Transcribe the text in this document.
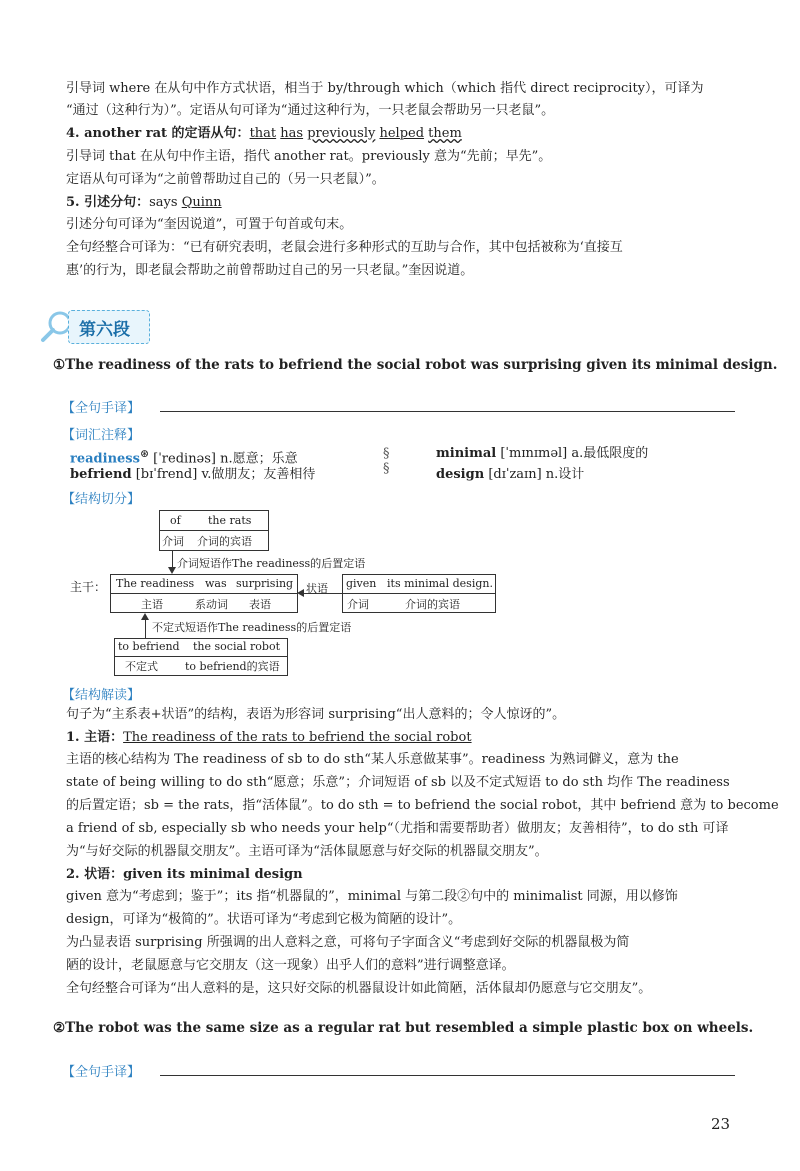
引导词 where 在从句中作方式状语，相当于 by/through which（which 指代 direct reciprocity），可译为
“通过（这种行为）”。定语从句可译为“通过这种行为，一只老鼠会帮助另一只老鼠”。
4. another rat 的定语从句：that has previously helped them
引导词 that 在从句中作主语，指代 another rat。previously 意为“先前；早先”。
定语从句可译为“之前曾帮助过自己的（另一只老鼠）”。
5. 引述分句：says Quinn
引述分句可译为“奎因说道”，可置于句首或句末。
全句经整合可译为：“已有研究表明，老鼠会进行多种形式的互助与合作，其中包括被称为‘直接互
惠’的行为，即老鼠会帮助之前曾帮助过自己的另一只老鼠。”奎因说道。
第六段
①The readiness of the rats to befriend the social robot was surprising given its minimal design.
【全句手译】
【词汇注释】
readiness⊛ [ˈredinəs] n.愿意；乐意
befriend [bɪˈfrend] v.做朋友；友善相待
§
§
minimal [ˈmɪnɪməl] a.最低限度的
design [dɪˈzaɪn] n.设计
【结构切分】
of the rats
介词 介词的宾语
介词短语作The readiness的后置定语
主干： The readiness was surprising
主语	系动词 表语
状语 given its minimal design.
介词	介词的宾语
不定式短语作The readiness的后置定语
to befriend the social robot
不定式 to befriend的宾语
【结构解读】
句子为“主系表+状语”的结构，表语为形容词 surprising“出人意料的；令人惊讶的”。
1. 主语：The readiness of the rats to befriend the social robot
主语的核心结构为 The readiness of sb to do sth“某人乐意做某事”。readiness 为熟词僻义，意为 the
state of being willing to do sth“愿意；乐意”；介词短语 of sb 以及不定式短语 to do sth 均作 The readiness
的后置定语；sb = the rats，指“活体鼠”。to do sth = to befriend the social robot，其中 befriend 意为 to become
a friend of sb, especially sb who needs your help“（尤指和需要帮助者）做朋友；友善相待”，to do sth 可译
为“与好交际的机器鼠交朋友”。主语可译为“活体鼠愿意与好交际的机器鼠交朋友”。
2. 状语：given its minimal design
given 意为“考虑到；鉴于”；its 指“机器鼠的”，minimal 与第二段②句中的 minimalist 同源，用以修饰
design，可译为“极简的”。状语可译为“考虑到它极为简陋的设计”。
为凸显表语 surprising 所强调的出人意料之意，可将句子字面含义“考虑到好交际的机器鼠极为简
陋的设计，老鼠愿意与它交朋友（这一现象）出乎人们的意料”进行调整意译。
全句经整合可译为“出人意料的是，这只好交际的机器鼠设计如此简陋，活体鼠却仍愿意与它交朋友”。
②The robot was the same size as a regular rat but resembled a simple plastic box on wheels.
【全句手译】
23
